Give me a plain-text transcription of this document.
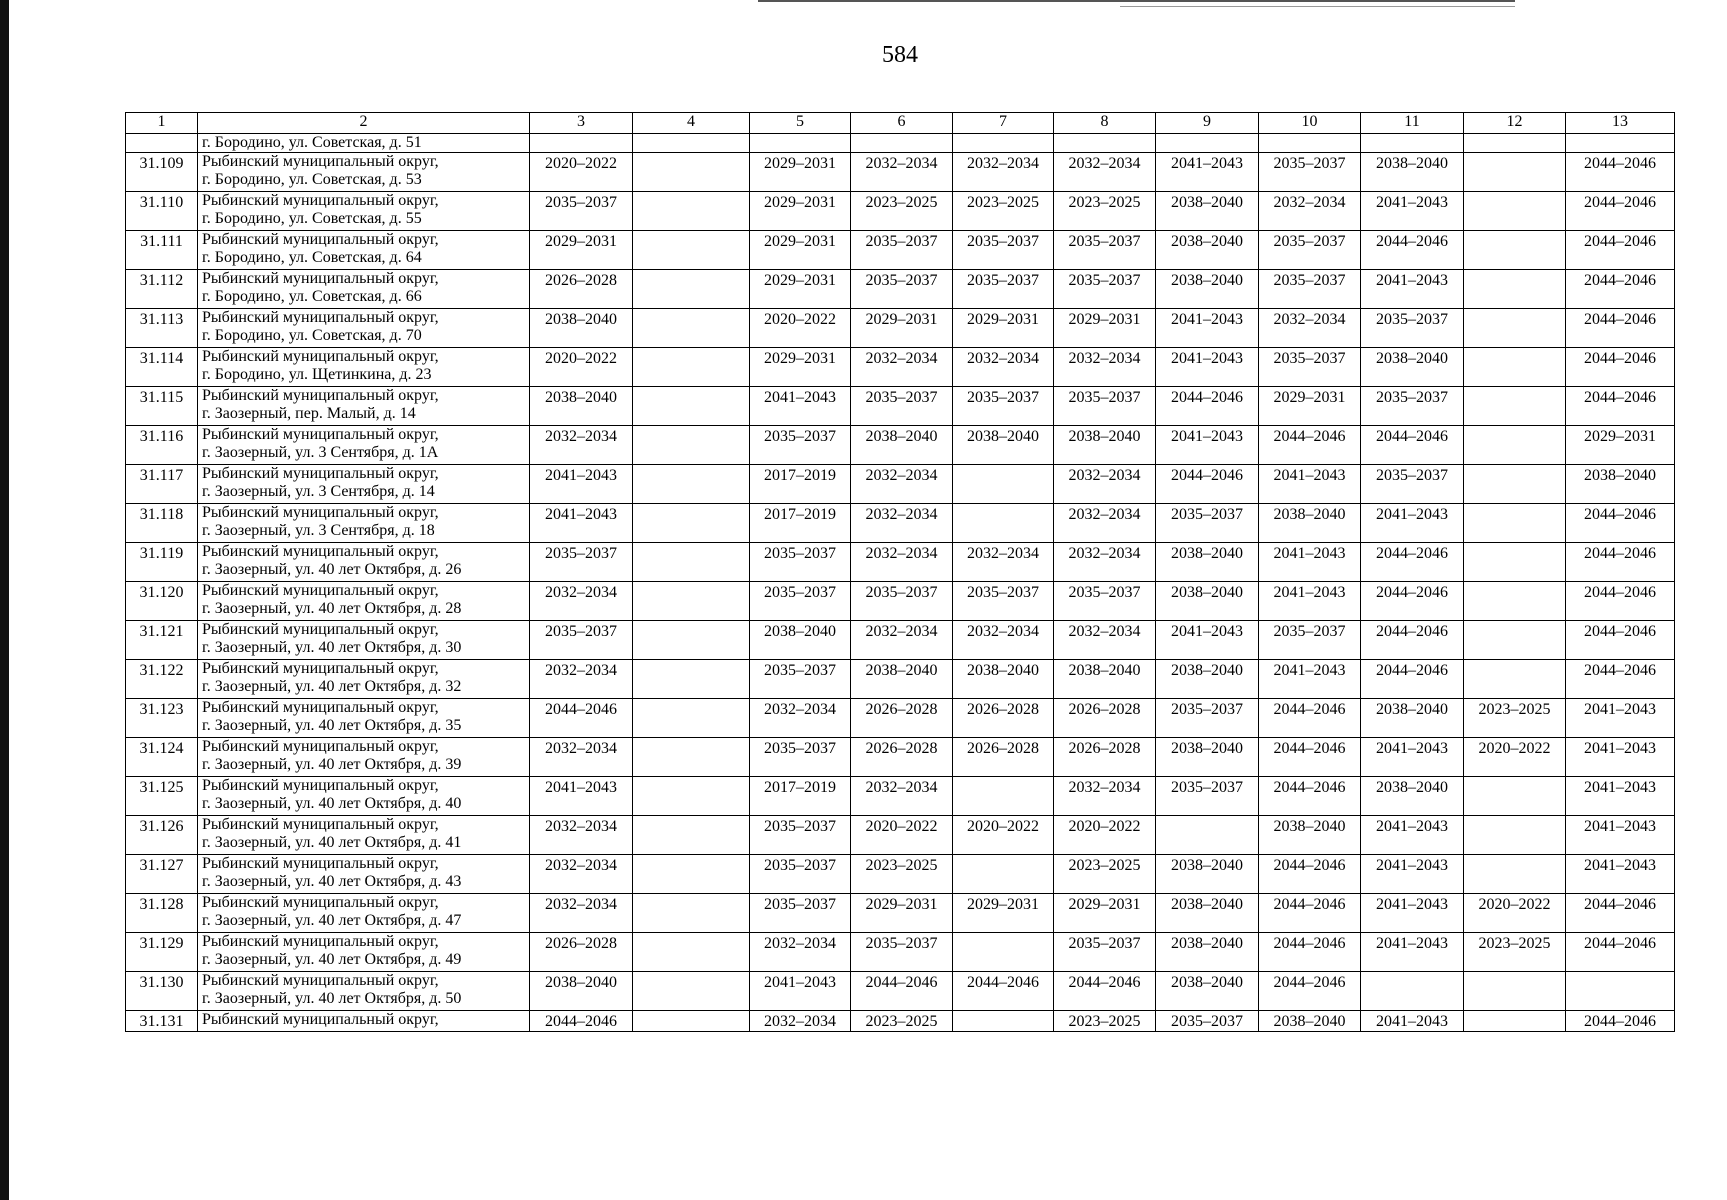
584
1	2	3	4	5	6	7	8	9	10	11	12	13
	г. Бородино, ул. Советская, д. 51											
31.109	Рыбинский муниципальный округ,
г. Бородино, ул. Советская, д. 53	2020–2022		2029–2031	2032–2034	2032–2034	2032–2034	2041–2043	2035–2037	2038–2040		2044–2046
31.110	Рыбинский муниципальный округ,
г. Бородино, ул. Советская, д. 55	2035–2037		2029–2031	2023–2025	2023–2025	2023–2025	2038–2040	2032–2034	2041–2043		2044–2046
31.111	Рыбинский муниципальный округ,
г. Бородино, ул. Советская, д. 64	2029–2031		2029–2031	2035–2037	2035–2037	2035–2037	2038–2040	2035–2037	2044–2046		2044–2046
31.112	Рыбинский муниципальный округ,
г. Бородино, ул. Советская, д. 66	2026–2028		2029–2031	2035–2037	2035–2037	2035–2037	2038–2040	2035–2037	2041–2043		2044–2046
31.113	Рыбинский муниципальный округ,
г. Бородино, ул. Советская, д. 70	2038–2040		2020–2022	2029–2031	2029–2031	2029–2031	2041–2043	2032–2034	2035–2037		2044–2046
31.114	Рыбинский муниципальный округ,
г. Бородино, ул. Щетинкина, д. 23	2020–2022		2029–2031	2032–2034	2032–2034	2032–2034	2041–2043	2035–2037	2038–2040		2044–2046
31.115	Рыбинский муниципальный округ,
г. Заозерный, пер. Малый, д. 14	2038–2040		2041–2043	2035–2037	2035–2037	2035–2037	2044–2046	2029–2031	2035–2037		2044–2046
31.116	Рыбинский муниципальный округ,
г. Заозерный, ул. 3 Сентября, д. 1А	2032–2034		2035–2037	2038–2040	2038–2040	2038–2040	2041–2043	2044–2046	2044–2046		2029–2031
31.117	Рыбинский муниципальный округ,
г. Заозерный, ул. 3 Сентября, д. 14	2041–2043		2017–2019	2032–2034		2032–2034	2044–2046	2041–2043	2035–2037		2038–2040
31.118	Рыбинский муниципальный округ,
г. Заозерный, ул. 3 Сентября, д. 18	2041–2043		2017–2019	2032–2034		2032–2034	2035–2037	2038–2040	2041–2043		2044–2046
31.119	Рыбинский муниципальный округ,
г. Заозерный, ул. 40 лет Октября, д. 26	2035–2037		2035–2037	2032–2034	2032–2034	2032–2034	2038–2040	2041–2043	2044–2046		2044–2046
31.120	Рыбинский муниципальный округ,
г. Заозерный, ул. 40 лет Октября, д. 28	2032–2034		2035–2037	2035–2037	2035–2037	2035–2037	2038–2040	2041–2043	2044–2046		2044–2046
31.121	Рыбинский муниципальный округ,
г. Заозерный, ул. 40 лет Октября, д. 30	2035–2037		2038–2040	2032–2034	2032–2034	2032–2034	2041–2043	2035–2037	2044–2046		2044–2046
31.122	Рыбинский муниципальный округ,
г. Заозерный, ул. 40 лет Октября, д. 32	2032–2034		2035–2037	2038–2040	2038–2040	2038–2040	2038–2040	2041–2043	2044–2046		2044–2046
31.123	Рыбинский муниципальный округ,
г. Заозерный, ул. 40 лет Октября, д. 35	2044–2046		2032–2034	2026–2028	2026–2028	2026–2028	2035–2037	2044–2046	2038–2040	2023–2025	2041–2043
31.124	Рыбинский муниципальный округ,
г. Заозерный, ул. 40 лет Октября, д. 39	2032–2034		2035–2037	2026–2028	2026–2028	2026–2028	2038–2040	2044–2046	2041–2043	2020–2022	2041–2043
31.125	Рыбинский муниципальный округ,
г. Заозерный, ул. 40 лет Октября, д. 40	2041–2043		2017–2019	2032–2034		2032–2034	2035–2037	2044–2046	2038–2040		2041–2043
31.126	Рыбинский муниципальный округ,
г. Заозерный, ул. 40 лет Октября, д. 41	2032–2034		2035–2037	2020–2022	2020–2022	2020–2022		2038–2040	2041–2043		2041–2043
31.127	Рыбинский муниципальный округ,
г. Заозерный, ул. 40 лет Октября, д. 43	2032–2034		2035–2037	2023–2025		2023–2025	2038–2040	2044–2046	2041–2043		2041–2043
31.128	Рыбинский муниципальный округ,
г. Заозерный, ул. 40 лет Октября, д. 47	2032–2034		2035–2037	2029–2031	2029–2031	2029–2031	2038–2040	2044–2046	2041–2043	2020–2022	2044–2046
31.129	Рыбинский муниципальный округ,
г. Заозерный, ул. 40 лет Октября, д. 49	2026–2028		2032–2034	2035–2037		2035–2037	2038–2040	2044–2046	2041–2043	2023–2025	2044–2046
31.130	Рыбинский муниципальный округ,
г. Заозерный, ул. 40 лет Октября, д. 50	2038–2040		2041–2043	2044–2046	2044–2046	2044–2046	2038–2040	2044–2046			
31.131	Рыбинский муниципальный округ,	2044–2046		2032–2034	2023–2025		2023–2025	2035–2037	2038–2040	2041–2043		2044–2046
